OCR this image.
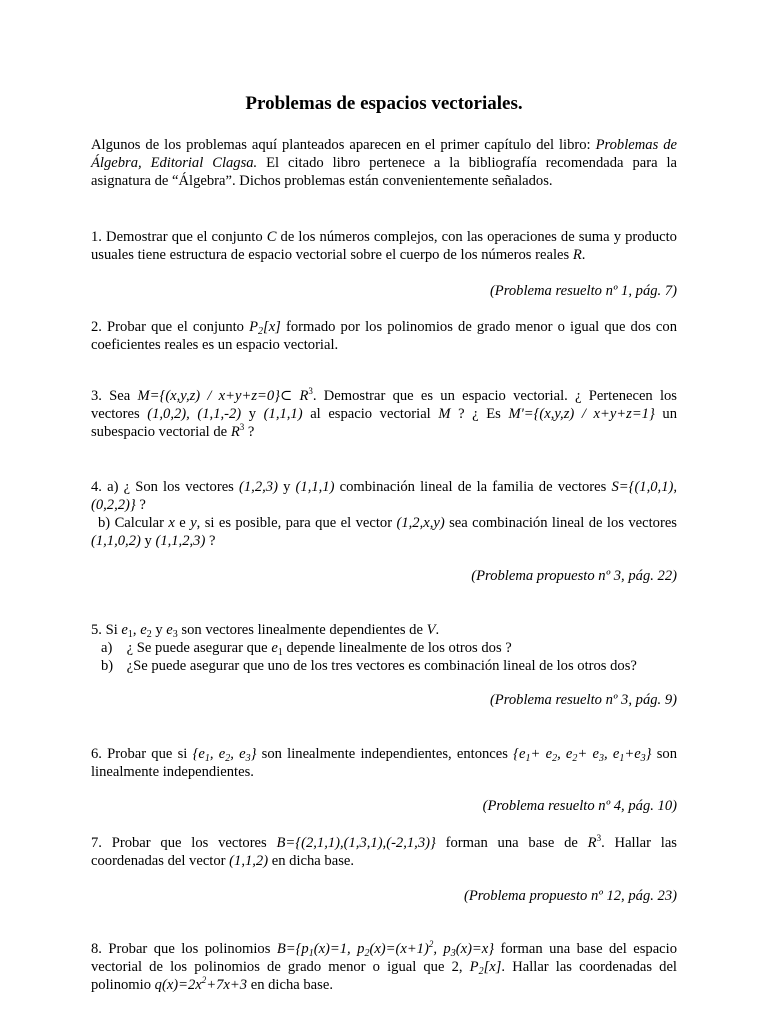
Problemas de espacios vectoriales.
Algunos de los problemas aquí planteados aparecen en el primer capítulo del libro: Problemas de Álgebra, Editorial Clagsa. El citado libro pertenece a la bibliografía recomendada para la asignatura de “Álgebra”. Dichos problemas están convenientemente señalados.
1. Demostrar que el conjunto C de los números complejos, con las operaciones de suma y producto usuales tiene estructura de espacio vectorial sobre el cuerpo de los números reales R.
(Problema resuelto nº 1, pág. 7)
2. Probar que el conjunto $P_2[x]$ formado por los polinomios de grado menor o igual que dos con coeficientes reales es un espacio vectorial.
3. Sea M={(x,y,z) / x+y+z=0}⊂ $R^3$. Demostrar que es un espacio vectorial. ¿ Pertenecen los vectores (1,0,2), (1,1,-2) y (1,1,1) al espacio vectorial M ? ¿ Es M'={(x,y,z) / x+y+z=1} un subespacio vectorial de $R^3$ ?
4. a) ¿ Son los vectores (1,2,3) y (1,1,1) combinación lineal de la familia de vectores S={(1,0,1),(0,2,2)} ?
b) Calcular x e y, si es posible, para que el vector (1,2,x,y) sea combinación lineal de los vectores (1,1,0,2) y (1,1,2,3) ?
(Problema propuesto nº 3, pág. 22)
5. Si $e_1$, $e_2$ y $e_3$ son vectores linealmente dependientes de V.
a) ¿ Se puede asegurar que $e_1$ depende linealmente de los otros dos ?
b) ¿Se puede asegurar que uno de los tres vectores es combinación lineal de los otros dos?
(Problema resuelto nº 3, pág. 9)
6. Probar que si {$e_1$, $e_2$, $e_3$} son linealmente independientes, entonces {$e_1+ e_2$, $e_2+ e_3$, $e_1+e_3$} son linealmente independientes.
(Problema resuelto nº 4, pág. 10)
7. Probar que los vectores B={(2,1,1),(1,3,1),(-2,1,3)} forman una base de $R^3$. Hallar las coordenadas del vector (1,1,2) en dicha base.
(Problema propuesto nº 12, pág. 23)
8. Probar que los polinomios $B=\{p_1(x)=1$, $p_2(x)=(x+1)^2$, $p_3(x)=x$} forman una base del espacio vectorial de los polinomios de grado menor o igual que 2, $P_2[x]$. Hallar las coordenadas del polinomio $q(x)=2x^2+7x+3$ en dicha base.
